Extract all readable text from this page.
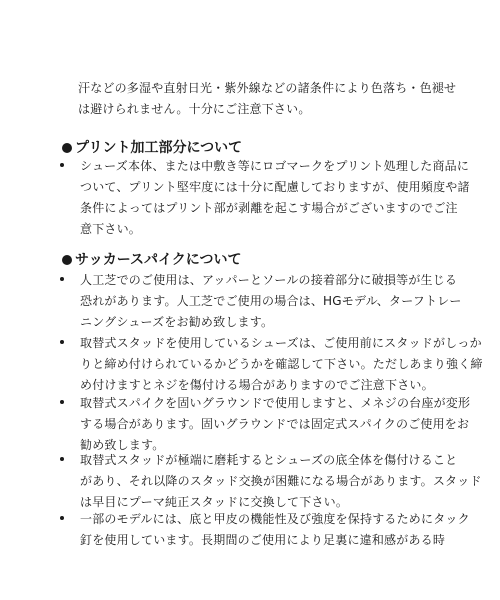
汗などの多湿や直射日光・紫外線などの諸条件により色落ち・色褪せ
は避けられません。十分にご注意下さい。
プリント加工部分について
シューズ本体、または中敷き等にロゴマークをプリント処理した商品に
ついて、プリント堅牢度には十分に配慮しておりますが、使用頻度や諸
条件によってはプリント部が剥離を起こす場合がございますのでご注
意下さい。
サッカースパイクについて
人工芝でのご使用は、アッパーとソールの接着部分に破損等が生じる
恐れがあります。人工芝でご使用の場合は、HGモデル、ターフトレー
ニングシューズをお勧め致します。
取替式スタッドを使用しているシューズは、ご使用前にスタッドがしっか
りと締め付けられているかどうかを確認して下さい。ただしあまり強く締
め付けますとネジを傷付ける場合がありますのでご注意下さい。
取替式スパイクを固いグラウンドで使用しますと、メネジの台座が変形
する場合があります。固いグラウンドでは固定式スパイクのご使用をお
勧め致します。
取替式スタッドが極端に磨耗するとシューズの底全体を傷付けること
があり、それ以降のスタッド交換が困難になる場合があります。スタッド
は早目にプーマ純正スタッドに交換して下さい。
一部のモデルには、底と甲皮の機能性及び強度を保持するためにタック
釘を使用しています。長期間のご使用により足裏に違和感がある時
